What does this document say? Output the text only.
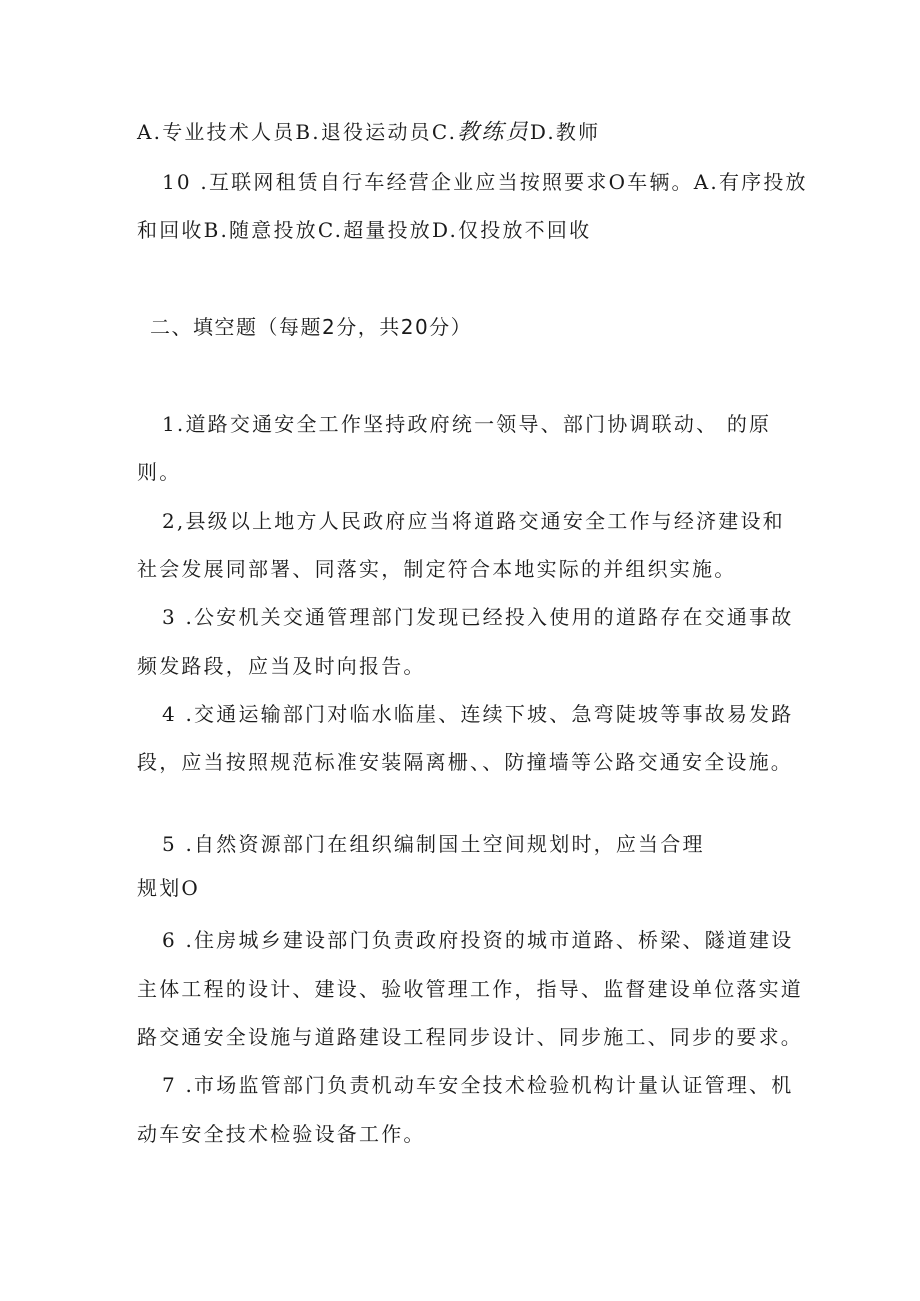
A.专业技术人员B.退役运动员C.教练员D.教师
10 .互联网租赁自行车经营企业应当按照要求O车辆。A.有序投放
和回收B.随意投放C.超量投放D.仅投放不回收
二、填空题（每题2分，共20分）
1.道路交通安全工作坚持政府统一领导、部门协调联动、 的原
则。
2,县级以上地方人民政府应当将道路交通安全工作与经济建设和
社会发展同部署、同落实，制定符合本地实际的并组织实施。
3 .公安机关交通管理部门发现已经投入使用的道路存在交通事故
频发路段，应当及时向报告。
4 .交通运输部门对临水临崖、连续下坡、急弯陡坡等事故易发路
段，应当按照规范标准安装隔离栅、、防撞墙等公路交通安全设施。
5 .自然资源部门在组织编制国土空间规划时，应当合理
规划O
6 .住房城乡建设部门负责政府投资的城市道路、桥梁、隧道建设
主体工程的设计、建设、验收管理工作，指导、监督建设单位落实道
路交通安全设施与道路建设工程同步设计、同步施工、同步的要求。
7 .市场监管部门负责机动车安全技术检验机构计量认证管理、机
动车安全技术检验设备工作。
